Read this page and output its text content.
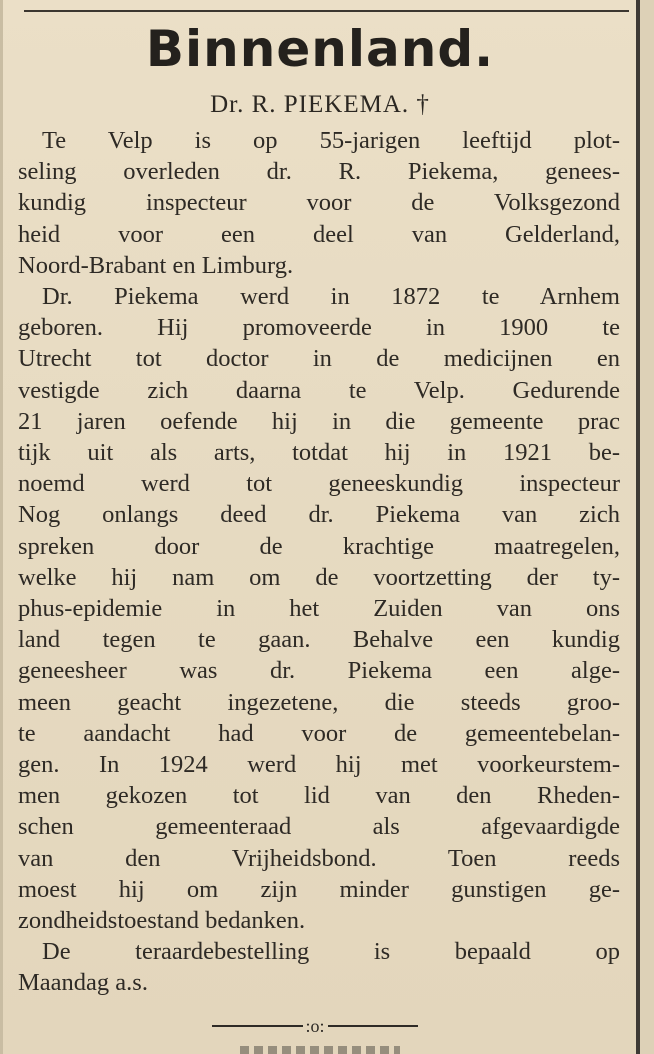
Binnenland.
Dr. R. PIEKEMA. †

Te Velp is op 55-jarigen leeftijd plot-

seling overleden dr. R. Piekema, genees-

kundig inspecteur voor de Volksgezond

heid voor een deel van Gelderland,

Noord-Brabant en Limburg.

Dr. Piekema werd in 1872 te Arnhem

geboren. Hij promoveerde in 1900 te

Utrecht tot doctor in de medicijnen en

vestigde zich daarna te Velp. Gedurende

21 jaren oefende hij in die gemeente prac

tijk uit als arts, totdat hij in 1921 be-

noemd werd tot geneeskundig inspecteur

Nog onlangs deed dr. Piekema van zich

spreken door de krachtige maatregelen,

welke hij nam om de voortzetting der ty-

phus-epidemie in het Zuiden van ons

land tegen te gaan. Behalve een kundig

geneesheer was dr. Piekema een alge-

meen geacht ingezetene, die steeds groo-

te aandacht had voor de gemeentebelan-

gen. In 1924 werd hij met voorkeurstem-

men gekozen tot lid van den Rheden-

schen gemeenteraad als afgevaardigde

van den Vrijheidsbond. Toen reeds

moest hij om zijn minder gunstigen ge-

zondheidstoestand bedanken.

De teraardebestelling is bepaald op

Maandag a.s.

:o:
